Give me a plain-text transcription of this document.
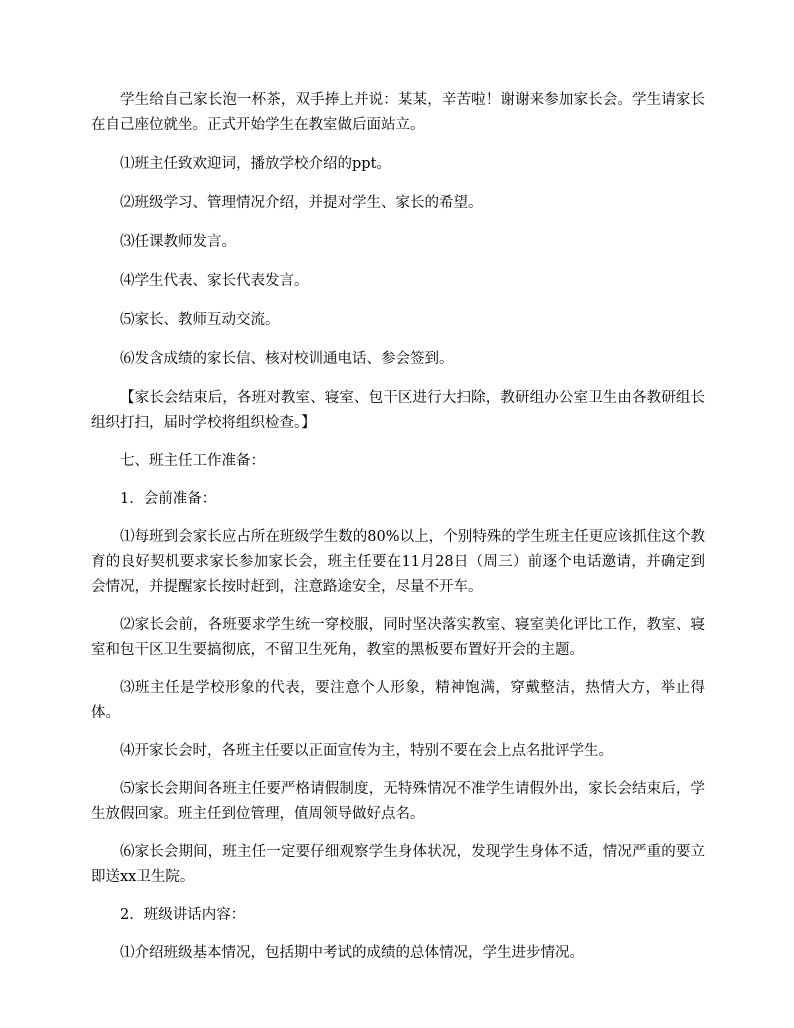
学生给自己家长泡一杯茶，双手捧上并说：某某，辛苦啦！谢谢来参加家长会。学生请家长在自己座位就坐。正式开始学生在教室做后面站立。

⑴班主任致欢迎词，播放学校介绍的ppt。

⑵班级学习、管理情况介绍，并提对学生、家长的希望。

⑶任课教师发言。

⑷学生代表、家长代表发言。

⑸家长、教师互动交流。

⑹发含成绩的家长信、核对校训通电话、参会签到。

【家长会结束后，各班对教室、寝室、包干区进行大扫除，教研组办公室卫生由各教研组长组织打扫，届时学校将组织检查。】

七、班主任工作准备：

1．会前准备：

⑴每班到会家长应占所在班级学生数的80%以上，个别特殊的学生班主任更应该抓住这个教育的良好契机要求家长参加家长会，班主任要在11月28日（周三）前逐个电话邀请，并确定到会情况，并提醒家长按时赶到，注意路途安全，尽量不开车。

⑵家长会前，各班要求学生统一穿校服，同时坚决落实教室、寝室美化评比工作，教室、寝室和包干区卫生要搞彻底，不留卫生死角，教室的黑板要布置好开会的主题。

⑶班主任是学校形象的代表，要注意个人形象，精神饱满，穿戴整洁，热情大方，举止得体。

⑷开家长会时，各班主任要以正面宣传为主，特别不要在会上点名批评学生。

⑸家长会期间各班主任要严格请假制度，无特殊情况不准学生请假外出，家长会结束后，学生放假回家。班主任到位管理，值周领导做好点名。

⑹家长会期间，班主任一定要仔细观察学生身体状况，发现学生身体不适，情况严重的要立即送xx卫生院。

2．班级讲话内容：

⑴介绍班级基本情况，包括期中考试的成绩的总体情况，学生进步情况。
